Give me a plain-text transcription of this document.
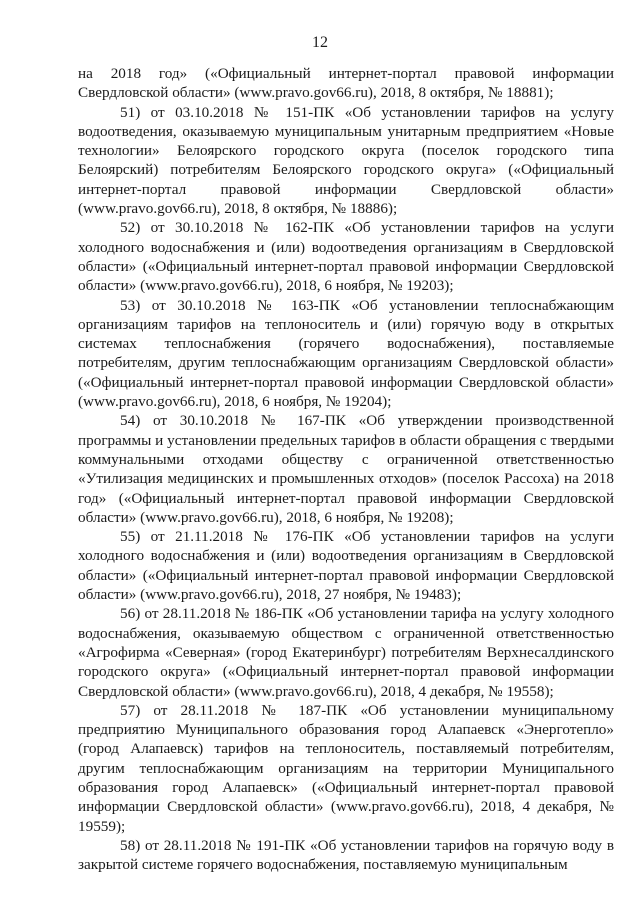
12

на 2018 год» («Официальный интернет-портал правовой информации Свердловской области» (www.pravo.gov66.ru), 2018, 8 октября, № 18881);

51) от 03.10.2018 № 151-ПК «Об установлении тарифов на услугу водоотведения, оказываемую муниципальным унитарным предприятием «Новые технологии» Белоярского городского округа (поселок городского типа Белоярский) потребителям Белоярского городского округа» («Официальный интернет-портал правовой информации Свердловской области» (www.pravo.gov66.ru), 2018, 8 октября, № 18886);

52) от 30.10.2018 № 162-ПК «Об установлении тарифов на услуги холодного водоснабжения и (или) водоотведения организациям в Свердловской области» («Официальный интернет-портал правовой информации Свердловской области» (www.pravo.gov66.ru), 2018, 6 ноября, № 19203);

53) от 30.10.2018 № 163-ПК «Об установлении теплоснабжающим организациям тарифов на теплоноситель и (или) горячую воду в открытых системах теплоснабжения (горячего водоснабжения), поставляемые потребителям, другим теплоснабжающим организациям Свердловской области» («Официальный интернет-портал правовой информации Свердловской области» (www.pravo.gov66.ru), 2018, 6 ноября, № 19204);

54) от 30.10.2018 № 167-ПК «Об утверждении производственной программы и установлении предельных тарифов в области обращения с твердыми коммунальными отходами обществу с ограниченной ответственностью «Утилизация медицинских и промышленных отходов» (поселок Рассоха) на 2018 год» («Официальный интернет-портал правовой информации Свердловской области» (www.pravo.gov66.ru), 2018, 6 ноября, № 19208);

55) от 21.11.2018 № 176-ПК «Об установлении тарифов на услуги холодного водоснабжения и (или) водоотведения организациям в Свердловской области» («Официальный интернет-портал правовой информации Свердловской области» (www.pravo.gov66.ru), 2018, 27 ноября, № 19483);

56) от 28.11.2018 № 186-ПК «Об установлении тарифа на услугу холодного водоснабжения, оказываемую обществом с ограниченной ответственностью «Агрофирма «Северная» (город Екатеринбург) потребителям Верхнесалдинского городского округа» («Официальный интернет-портал правовой информации Свердловской области» (www.pravo.gov66.ru), 2018, 4 декабря, № 19558);

57) от 28.11.2018 № 187-ПК «Об установлении муниципальному предприятию Муниципального образования город Алапаевск «Энерготепло» (город Алапаевск) тарифов на теплоноситель, поставляемый потребителям, другим теплоснабжающим организациям на территории Муниципального образования город Алапаевск» («Официальный интернет-портал правовой информации Свердловской области» (www.pravo.gov66.ru), 2018, 4 декабря, № 19559);

58) от 28.11.2018 № 191-ПК «Об установлении тарифов на горячую воду в закрытой системе горячего водоснабжения, поставляемую муниципальным
